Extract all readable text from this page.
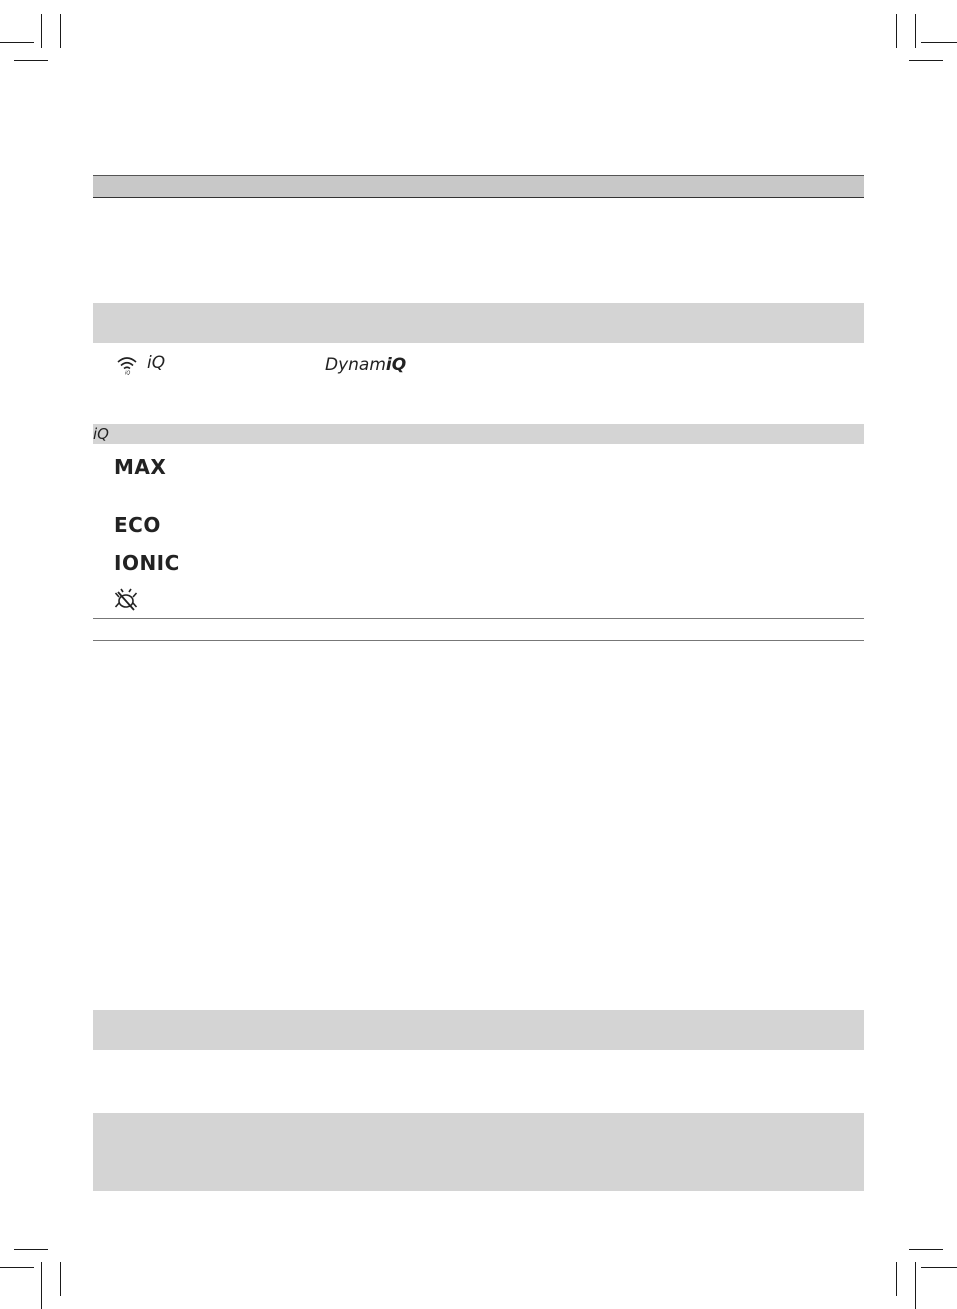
iQ
iQ	DynamiQ
iQ
MAX
ECO
IONIC
